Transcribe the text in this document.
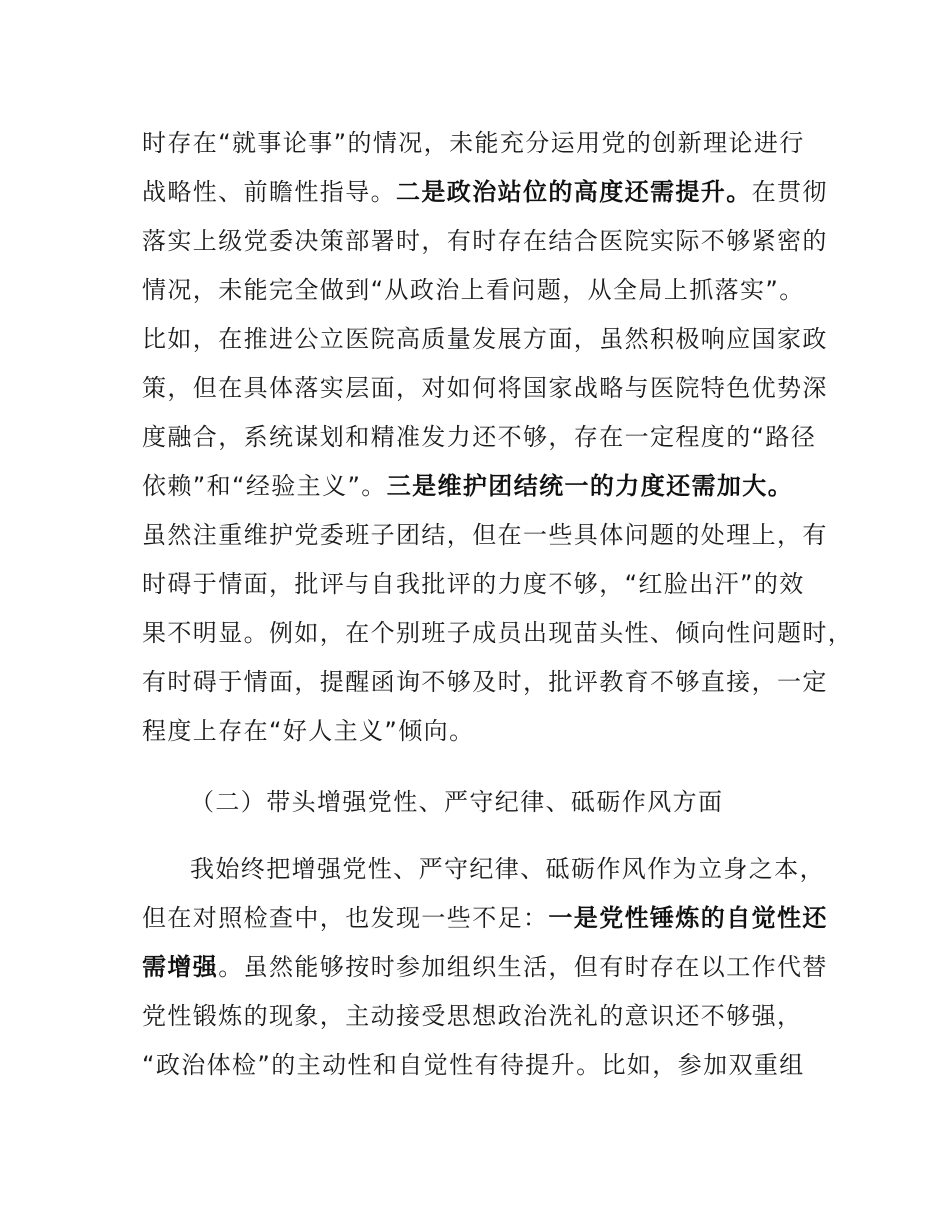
时存在“就事论事”的情况，未能充分运用党的创新理论进行
战略性、前瞻性指导。二是政治站位的高度还需提升。在贯彻
落实上级党委决策部署时，有时存在结合医院实际不够紧密的
情况，未能完全做到“从政治上看问题，从全局上抓落实”。
比如，在推进公立医院高质量发展方面，虽然积极响应国家政
策，但在具体落实层面，对如何将国家战略与医院特色优势深
度融合，系统谋划和精准发力还不够，存在一定程度的“路径
依赖”和“经验主义”。三是维护团结统一的力度还需加大。
虽然注重维护党委班子团结，但在一些具体问题的处理上，有
时碍于情面，批评与自我批评的力度不够，“红脸出汗”的效
果不明显。例如，在个别班子成员出现苗头性、倾向性问题时，
有时碍于情面，提醒函询不够及时，批评教育不够直接，一定
程度上存在“好人主义”倾向。
（二）带头增强党性、严守纪律、砥砺作风方面
我始终把增强党性、严守纪律、砥砺作风作为立身之本，
但在对照检查中，也发现一些不足：一是党性锤炼的自觉性还
需增强。虽然能够按时参加组织生活，但有时存在以工作代替
党性锻炼的现象，主动接受思想政治洗礼的意识还不够强，
“政治体检”的主动性和自觉性有待提升。比如，参加双重组
